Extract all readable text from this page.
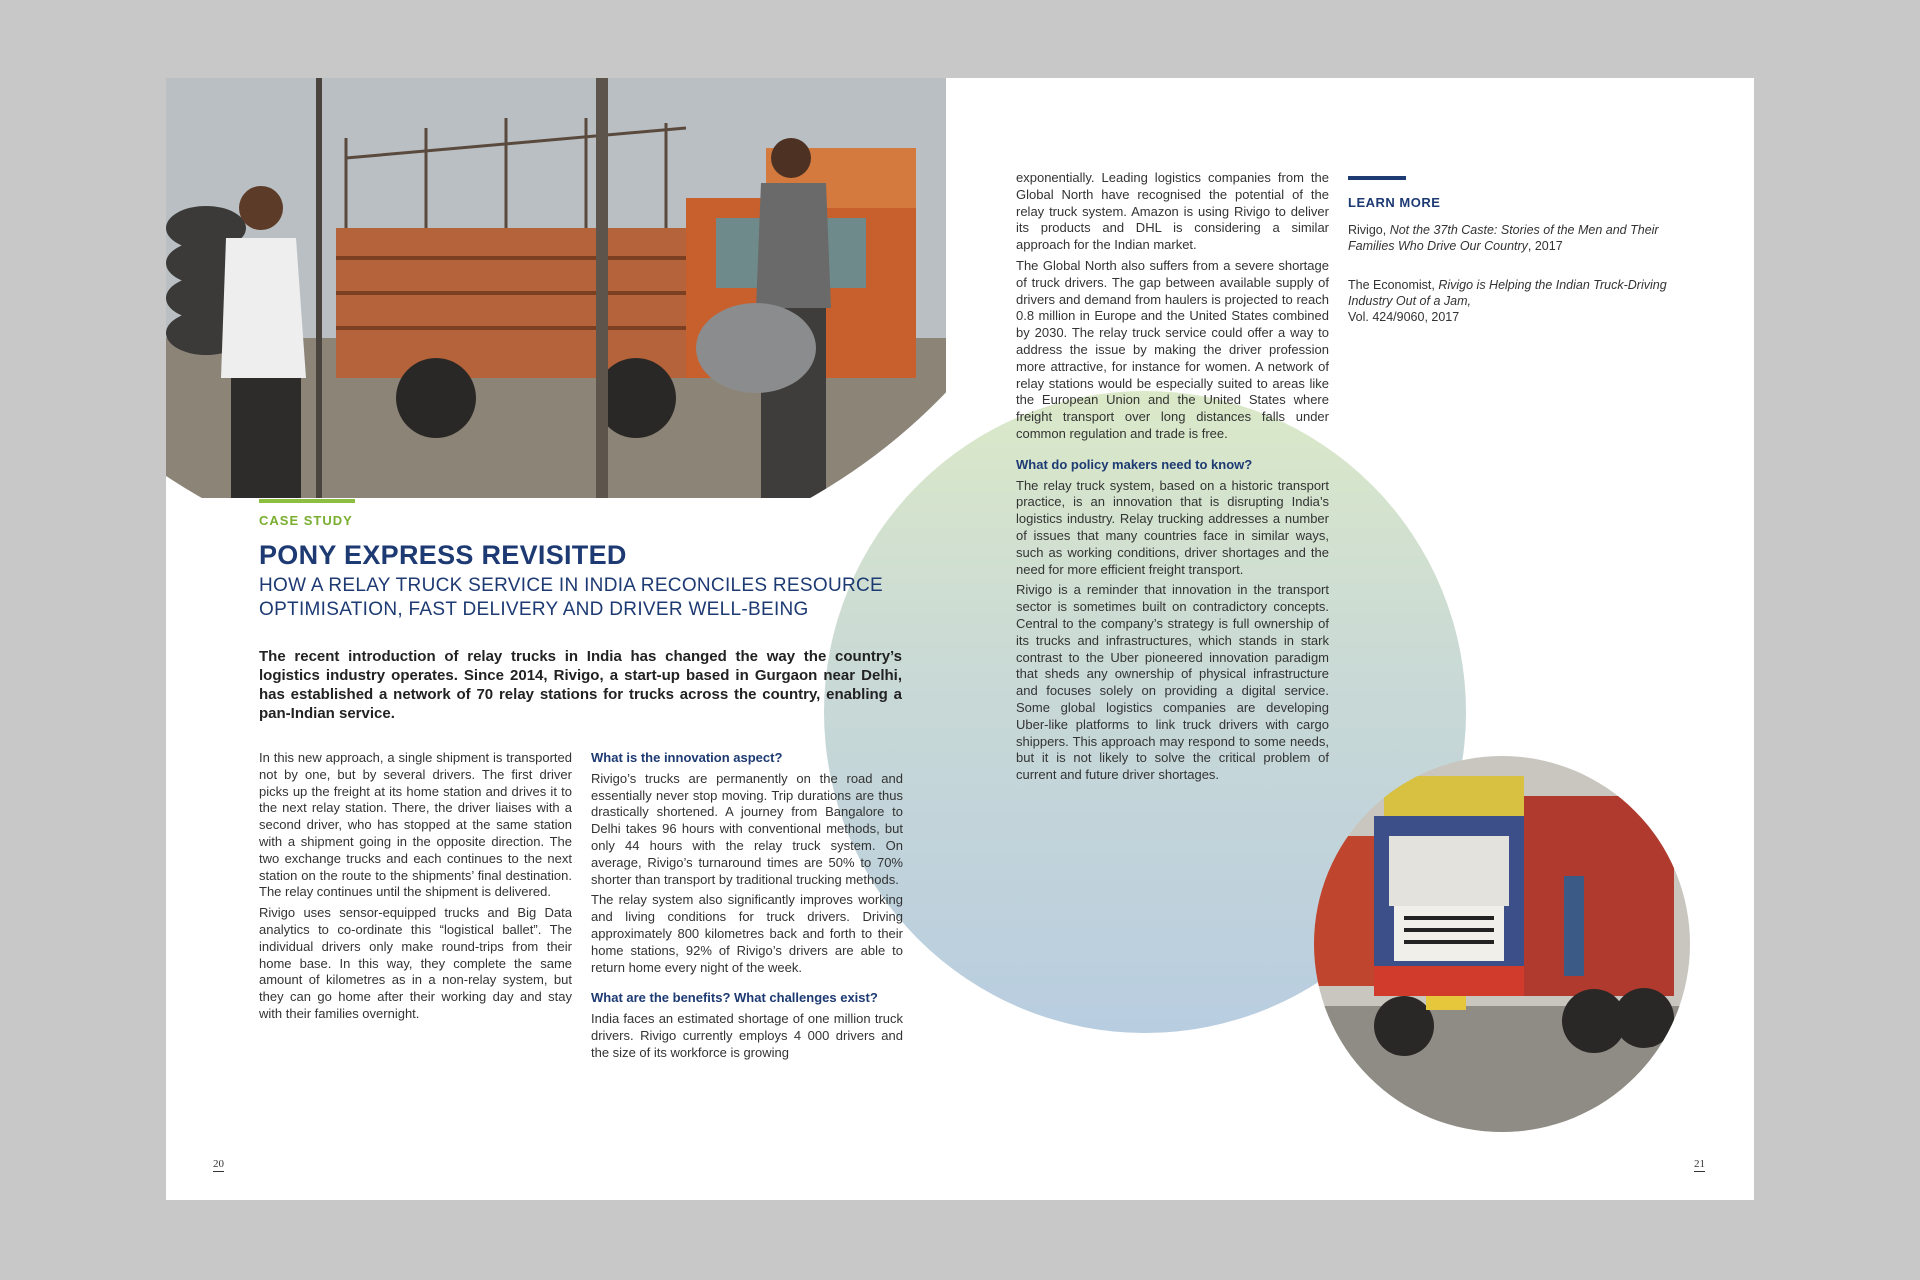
CASE STUDY
PONY EXPRESS REVISITED
HOW A RELAY TRUCK SERVICE IN INDIA RECONCILES RESOURCE
OPTIMISATION, FAST DELIVERY AND DRIVER WELL-BEING
The recent introduction of relay trucks in India has changed the way the country’s logistics industry operates. Since 2014, Rivigo, a start-up based in Gurgaon near Delhi, has established a network of 70 relay stations for trucks across the country, enabling a pan-Indian service.

In this new approach, a single shipment is transported not by one, but by several drivers. The first driver picks up the freight at its home station and drives it to the next relay station. There, the driver liaises with a second driver, who has stopped at the same station with a shipment going in the opposite direction. The two exchange trucks and each continues to the next station on the route to the shipments’ final destination. The relay continues until the shipment is delivered.

Rivigo uses sensor-equipped trucks and Big Data analytics to co-ordinate this “logistical ballet”. The individual drivers only make round-trips from their home base. In this way, they complete the same amount of kilometres as in a non-relay system, but they can go home after their working day and stay with their families overnight.

What is the innovation aspect?

Rivigo’s trucks are permanently on the road and essentially never stop moving. Trip durations are thus drastically shortened. A journey from Bangalore to Delhi takes 96 hours with conventional methods, but only 44 hours with the relay truck system. On average, Rivigo’s turnaround times are 50% to 70% shorter than transport by traditional trucking methods.

The relay system also significantly improves working and living conditions for truck drivers. Driving approximately 800 kilometres back and forth to their home stations, 92% of Rivigo’s drivers are able to return home every night of the week.

What are the benefits? What challenges exist?

India faces an estimated shortage of one million truck drivers. Rivigo currently employs 4 000 drivers and the size of its workforce is growing

20

exponentially. Leading logistics companies from the Global North have recognised the potential of the relay truck system. Amazon is using Rivigo to deliver its products and DHL is considering a similar approach for the Indian market.

The Global North also suffers from a severe shortage of truck drivers. The gap between available supply of drivers and demand from haulers is projected to reach 0.8 million in Europe and the United States combined by 2030. The relay truck service could offer a way to address the issue by making the driver profession more attractive, for instance for women. A network of relay stations would be especially suited to areas like the European Union and the United States where freight transport over long distances falls under common regulation and trade is free.

What do policy makers need to know?

The relay truck system, based on a historic transport practice, is an innovation that is disrupting India’s logistics industry. Relay trucking addresses a number of issues that many countries face in similar ways, such as working conditions, driver shortages and the need for more efficient freight transport.

Rivigo is a reminder that innovation in the transport sector is sometimes built on contradictory concepts. Central to the company’s strategy is full ownership of its trucks and infrastructures, which stands in stark contrast to the Uber pioneered innovation paradigm that sheds any ownership of physical infrastructure and focuses solely on providing a digital service. Some global logistics companies are developing Uber-like platforms to link truck drivers with cargo shippers. This approach may respond to some needs, but it is not likely to solve the critical problem of current and future driver shortages.

LEARN MORE
Rivigo, Not the 37th Caste: Stories of the Men and Their Families Who Drive Our Country, 2017
The Economist, Rivigo is Helping the Indian Truck-Driving Industry Out of a Jam,
Vol. 424/9060, 2017
21
